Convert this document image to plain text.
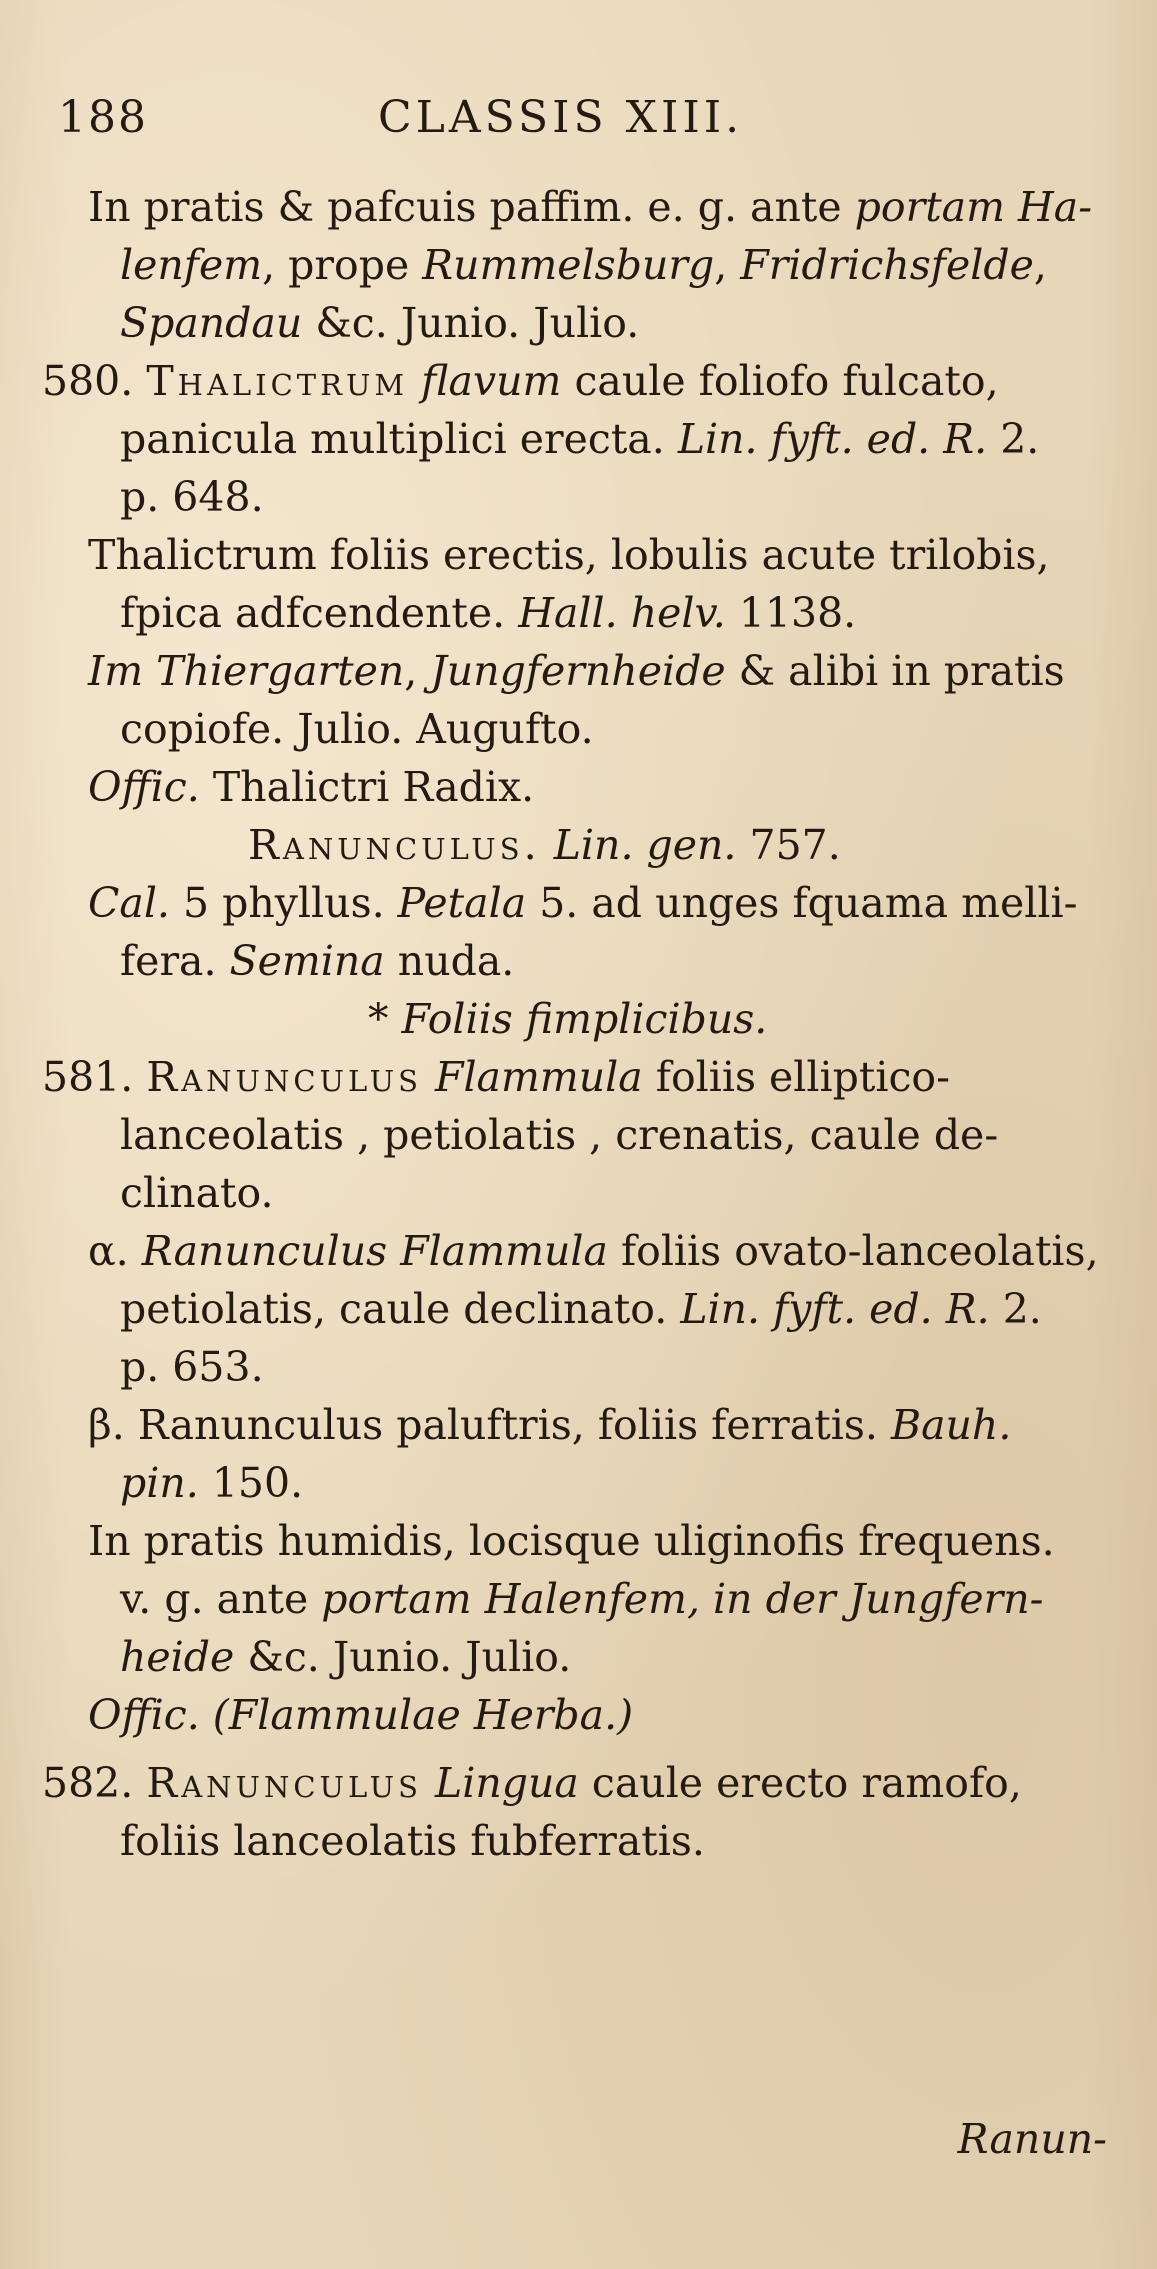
188	CLASSIS XIII.
In pratis & pafcuis paffim. e. g. ante portam Ha-
lenfem, prope Rummelsburg, Fridrichsfelde,
Spandau &c. Junio. Julio.
580. Thalictrum flavum caule foliofo fulcato,
panicula multiplici erecta. Lin. fyft. ed. R. 2.
p. 648.
Thalictrum foliis erectis, lobulis acute trilobis,
fpica adfcendente. Hall. helv. 1138.
Im Thiergarten, Jungfernheide & alibi in pratis
copiofe. Julio. Augufto.
Offic. Thalictri Radix.
Ranunculus. Lin. gen. 757.
Cal. 5 phyllus. Petala 5. ad unges fquama melli-
fera. Semina nuda.
* Foliis fimplicibus.
581. Ranunculus Flammula foliis elliptico-
lanceolatis , petiolatis , crenatis, caule de-
clinato.
α. Ranunculus Flammula foliis ovato-lanceolatis,
petiolatis, caule declinato. Lin. fyft. ed. R. 2.
p. 653.
β. Ranunculus paluftris, foliis ferratis. Bauh.
pin. 150.
In pratis humidis, locisque uliginofis frequens.
v. g. ante portam Halenfem, in der Jungfern-
heide &c. Junio. Julio.
Offic. (Flammulae Herba.)
582. Ranunculus Lingua caule erecto ramofo,
foliis lanceolatis fubferratis.
Ranun-
